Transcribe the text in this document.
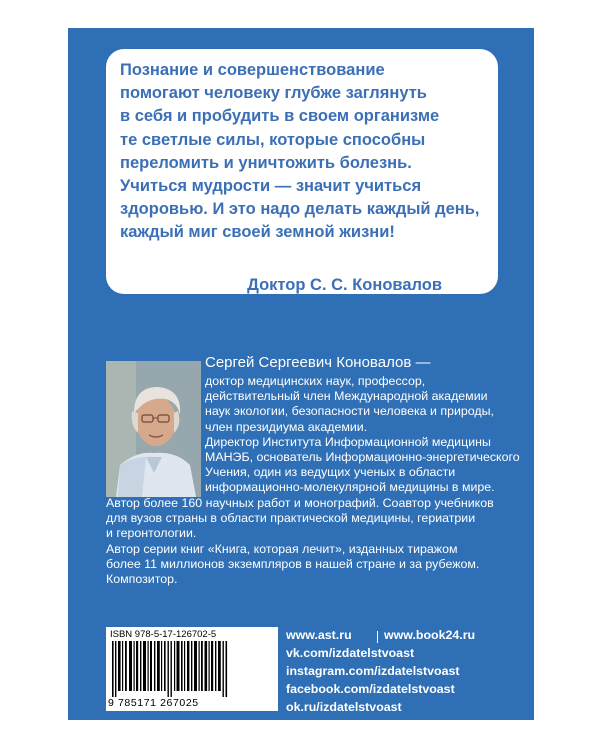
Познание и совершенствование
помогают человеку глубже заглянуть
в себя и пробудить в своем организме
те светлые силы, которые способны
переломить и уничтожить болезнь.
Учиться мудрости — значит учиться
здоровью. И это надо делать каждый день,
каждый миг своей земной жизни!

Доктор С. С. Коновалов
Сергей Сергеевич Коновалов —
доктор медицинских наук, профессор,
действительный член Международной академии
наук экологии, безопасности человека и природы,
член президиума академии.
Директор Института Информационной медицины
МАНЭБ, основатель Информационно-энергетического
Учения, один из ведущих ученых в области
информационно-молекулярной медицины в мире.
Автор более 160 научных работ и монографий. Соавтор учебников
для вузов страны в области практической медицины, гериатрии
и геронтологии.
Автор серии книг «Книга, которая лечит», изданных тиражом
более 11 миллионов экземпляров в нашей стране и за рубежом.
Композитор.
ISBN 978-5-17-126702-5
9 785171 267025
www.ast.ru	www.book24.ru
vk.com/izdatelstvoast
instagram.com/izdatelstvoast
facebook.com/izdatelstvoast
ok.ru/izdatelstvoast
